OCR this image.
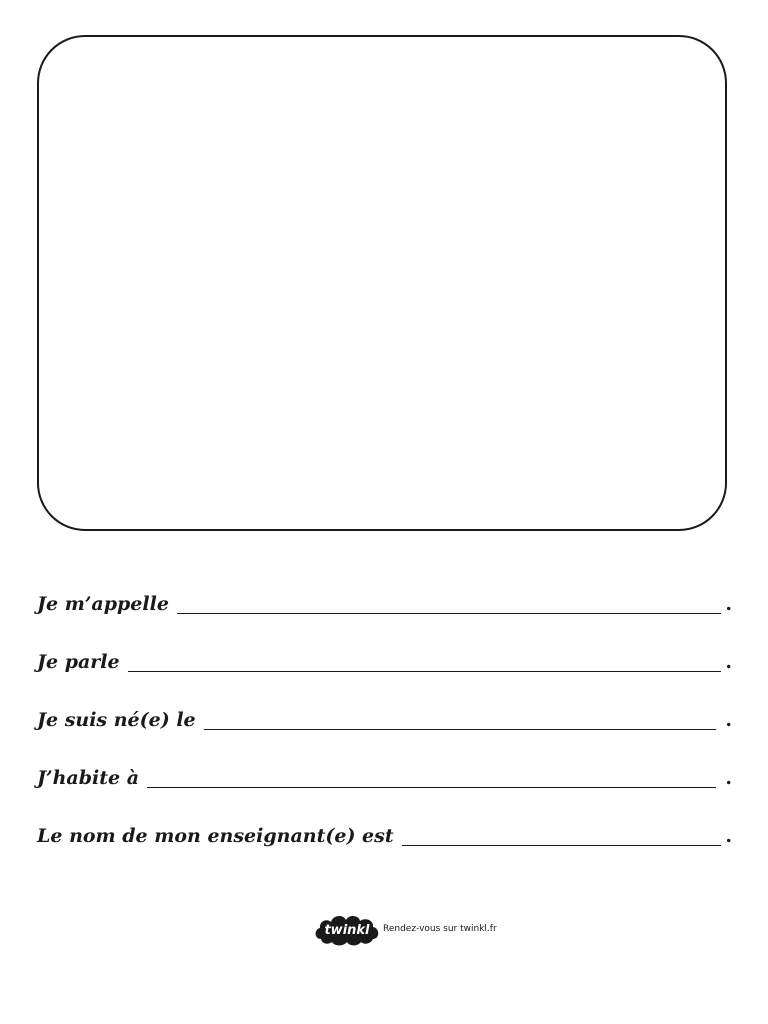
Je m’appelle	.
Je parle	.
Je suis né(e) le	.
J’habite à	.
Le nom de mon enseignant(e) est	.
twinkl Rendez-vous sur twinkl.fr
